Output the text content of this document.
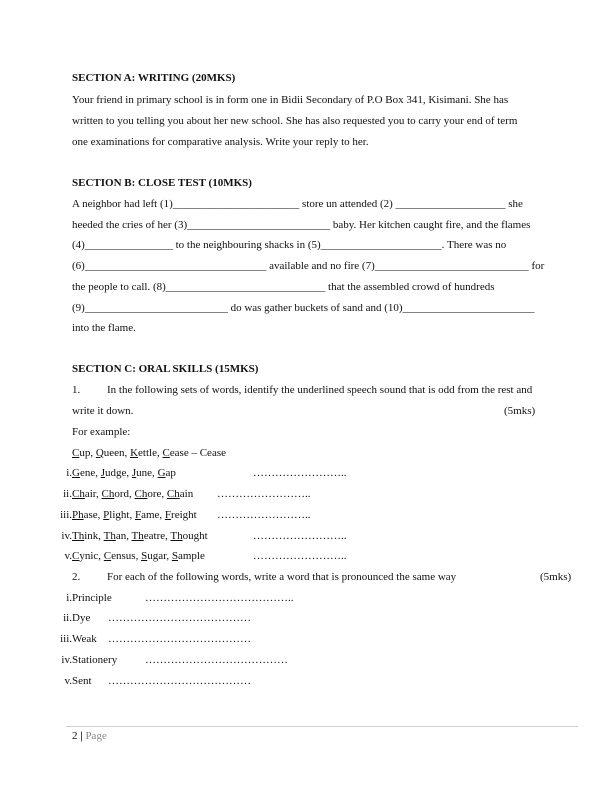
SECTION A: WRITING (20MKS)
Your friend in primary school is in form one in Bidii Secondary of P.O Box 341, Kisimani. She has
written to you telling you about her new school. She has also requested you to carry your end of term
one examinations for comparative analysis. Write your reply to her.
SECTION B: CLOSE TEST (10MKS)
A neighbor had left (1)_______________________ store un attended (2) ____________________ she
heeded the cries of her (3)__________________________ baby. Her kitchen caught fire, and the flames
(4)________________ to the neighbouring shacks in (5)______________________. There was no
(6)_________________________________ available and no fire (7)____________________________ for
the people to call. (8)_____________________________ that the assembled crowd of hundreds
(9)__________________________ do was gather buckets of sand and (10)________________________
into the flame.
SECTION C: ORAL SKILLS (15MKS)
1. In the following sets of words, identify the underlined speech sound that is odd from the rest and
write it down.	(5mks)
For example:
Cup, Queen, Kettle, Cease – Cease
i. Gene, Judge, June, Gap	……………………..
ii. Chair, Chord, Chore, Chain ……………………..
iii. Phase, Plight, Fame, Freight ……………………..
iv. Think, Than, Theatre, Thought	……………………..
v. Cynic, Census, Sugar, Sample	……………………..
2. For each of the following words, write a word that is pronounced the same way	(5mks)
i. Principle	…………………………………..
ii. Dye …………………………………
iii. Weak …………………………………
iv. Stationery	…………………………………
v. Sent …………………………………
2 | Page
